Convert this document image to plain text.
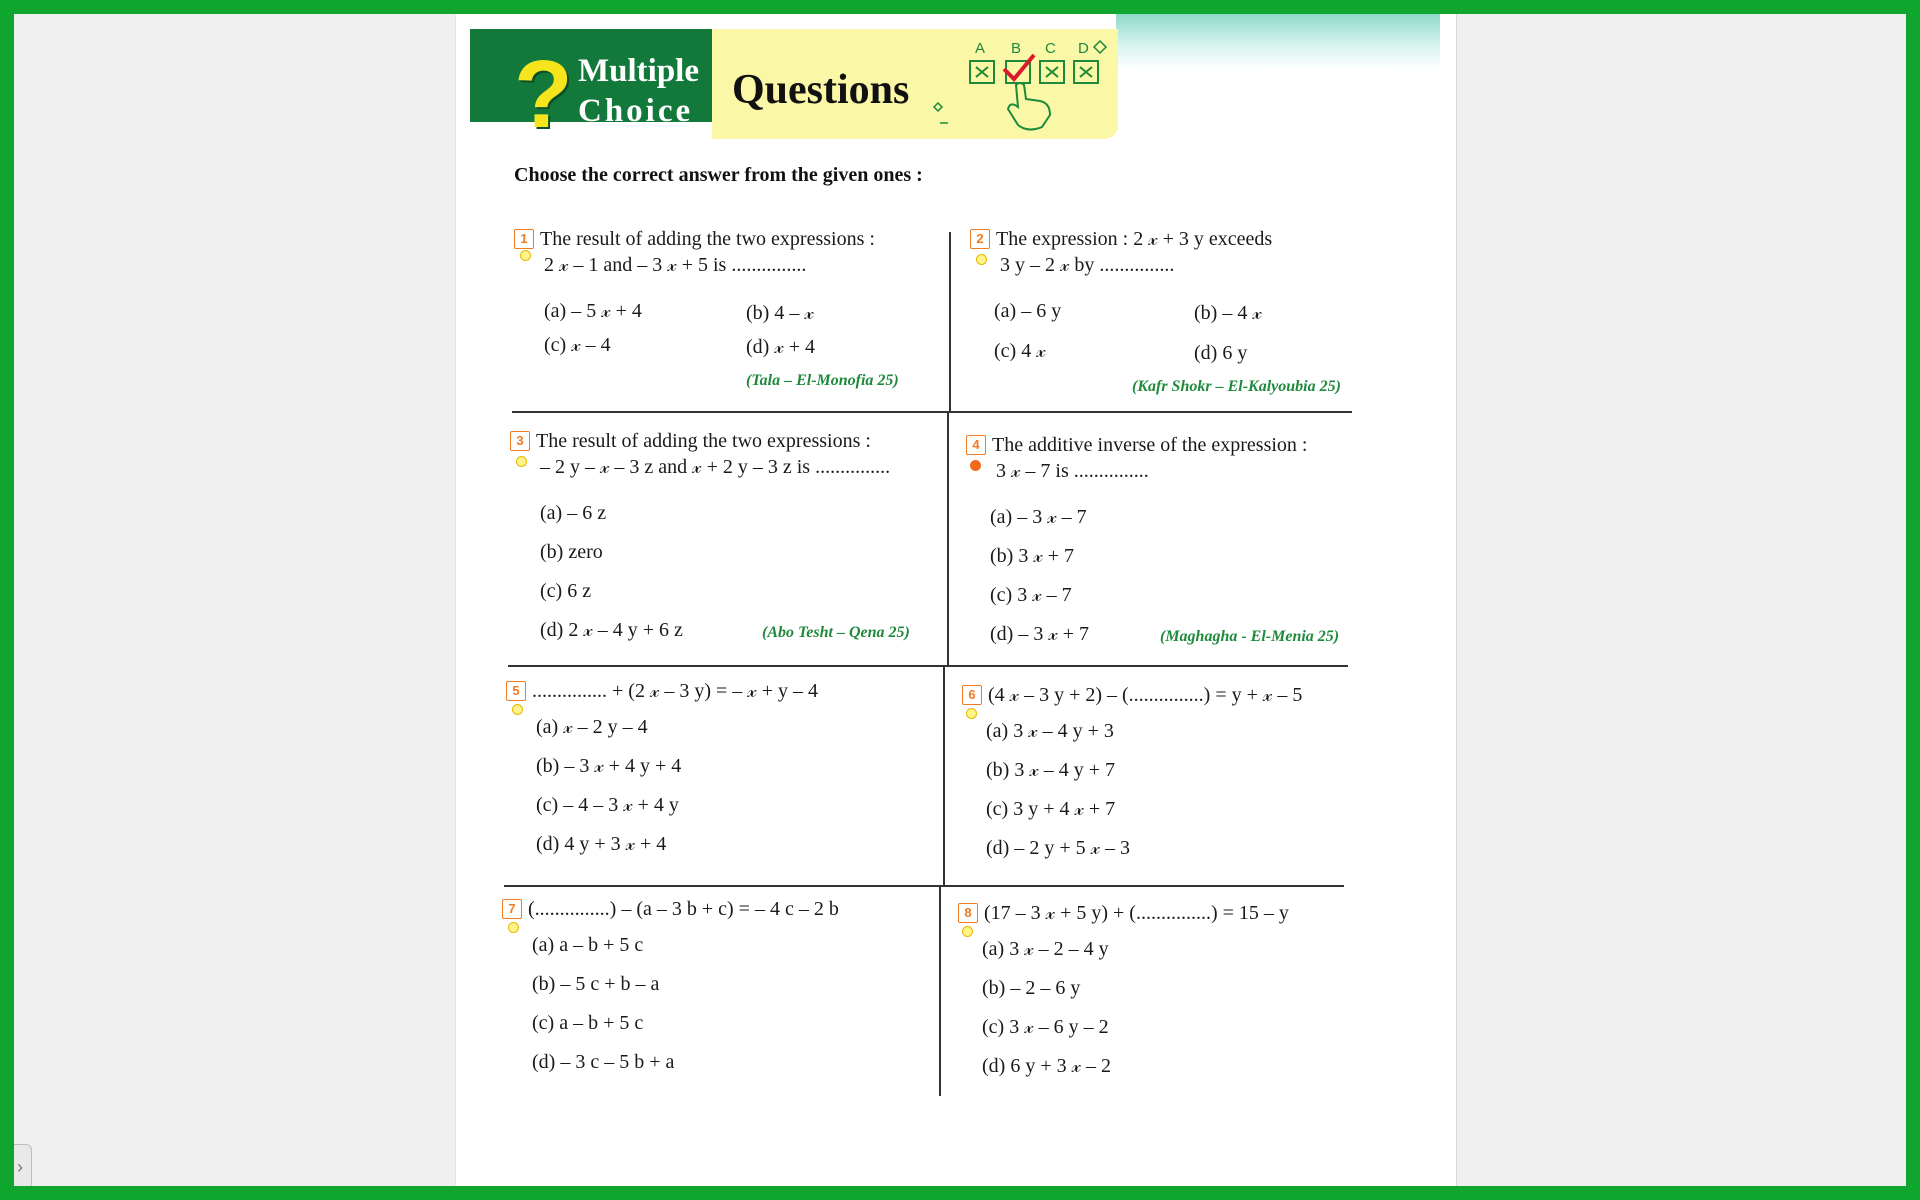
? Multiple
Choice Questions
A B C D
Choose the correct answer from the given ones :
1 The result of adding the two expressions :
2 𝓍 – 1 and – 3 𝓍 + 5 is ...............
(a) – 5 𝓍 + 4	(b) 4 – 𝓍
(c) 𝓍 – 4	(d) 𝓍 + 4
(Tala – El-Monofia 25)
2 The expression : 2 𝓍 + 3 y exceeds
3 y – 2 𝓍 by ...............
(a) – 6 y	(b) – 4 𝓍
(c) 4 𝓍	(d) 6 y
(Kafr Shokr – El-Kalyoubia 25)
3 The result of adding the two expressions :
– 2 y – 𝓍 – 3 z and 𝓍 + 2 y – 3 z is ...............
(a) – 6 z
(b) zero
(c) 6 z
(d) 2 𝓍 – 4 y + 6 z	(Abo Tesht – Qena 25)
4 The additive inverse of the expression :
3 𝓍 – 7 is ...............
(a) – 3 𝓍 – 7
(b) 3 𝓍 + 7
(c) 3 𝓍 – 7
(d) – 3 𝓍 + 7	(Maghagha - El-Menia 25)
5 ............... + (2 𝓍 – 3 y) = – 𝓍 + y – 4
(a) 𝓍 – 2 y – 4
(b) – 3 𝓍 + 4 y + 4
(c) – 4 – 3 𝓍 + 4 y
(d) 4 y + 3 𝓍 + 4
6 (4 𝓍 – 3 y + 2) – (...............) = y + 𝓍 – 5
(a) 3 𝓍 – 4 y + 3
(b) 3 𝓍 – 4 y + 7
(c) 3 y + 4 𝓍 + 7
(d) – 2 y + 5 𝓍 – 3
7 (...............) – (a – 3 b + c) = – 4 c – 2 b
(a) a – b + 5 c
(b) – 5 c + b – a
(c) a – b + 5 c
(d) – 3 c – 5 b + a
8 (17 – 3 𝓍 + 5 y) + (...............) = 15 – y
(a) 3 𝓍 – 2 – 4 y
(b) – 2 – 6 y
(c) 3 𝓍 – 6 y – 2
(d) 6 y + 3 𝓍 – 2
›
